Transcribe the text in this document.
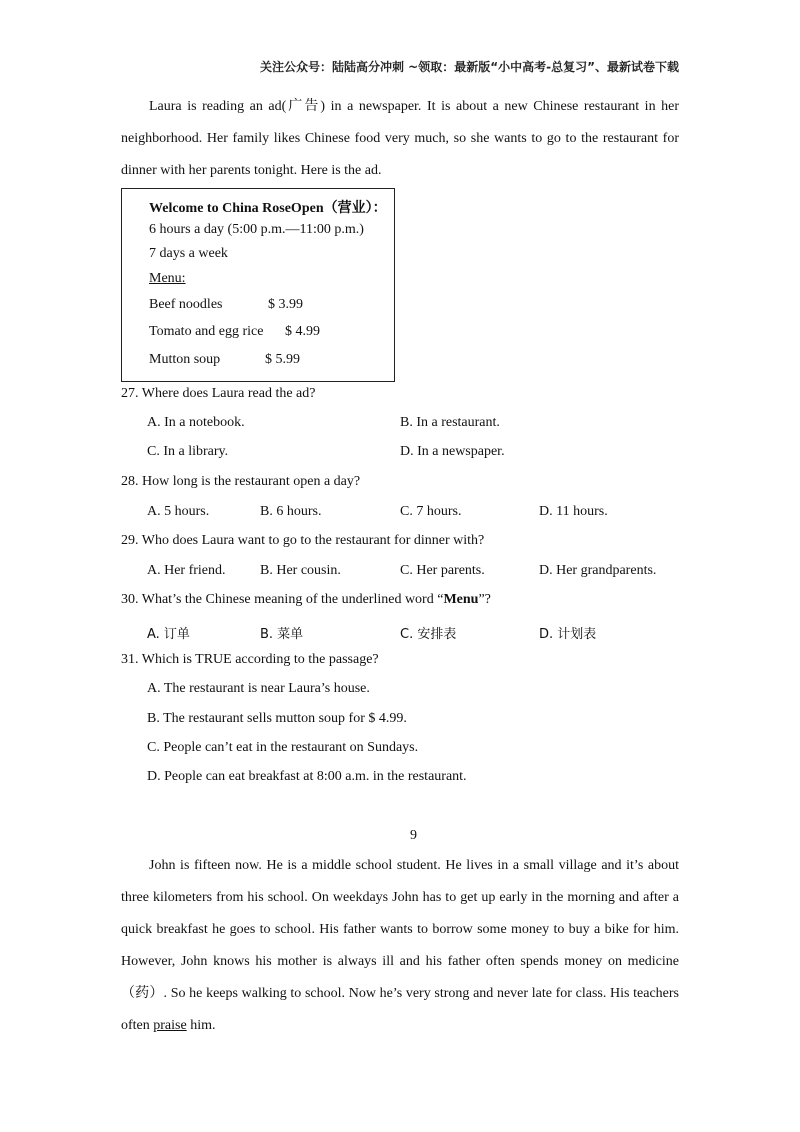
关注公众号：陆陆高分冲刺 ~领取：最新版“小中高考-总复习”、最新试卷下载
Laura is reading an ad(广告) in a newspaper. It is about a new Chinese restaurant in her neighborhood. Her family likes Chinese food very much, so she wants to go to the restaurant for dinner with her parents tonight. Here is the ad.
Welcome to China RoseOpen（营业）：
6 hours a day (5:00 p.m.—11:00 p.m.)
7 days a week
Menu:
Beef noodles	$ 3.99
Tomato and egg rice $ 4.99
Mutton soup	$ 5.99
27. Where does Laura read the ad?
A. In a notebook.	B. In a restaurant.
C. In a library.	D. In a newspaper.
28. How long is the restaurant open a day?
A. 5 hours.	B. 6 hours.	C. 7 hours.	D. 11 hours.
29. Who does Laura want to go to the restaurant for dinner with?
A. Her friend. B. Her cousin.	C. Her parents.	D. Her grandparents.
30. What’s the Chinese meaning of the underlined word “Menu”?
A. 订单	B. 菜单	C. 安排表	D. 计划表
31. Which is TRUE according to the passage?
A. The restaurant is near Laura’s house.
B. The restaurant sells mutton soup for $ 4.99.
C. People can’t eat in the restaurant on Sundays.
D. People can eat breakfast at 8:00 a.m. in the restaurant.
9
John is fifteen now. He is a middle school student. He lives in a small village and it’s about three kilometers from his school. On weekdays John has to get up early in the morning and after a quick breakfast he goes to school. His father wants to borrow some money to buy a bike for him. However, John knows his mother is always ill and his father often spends money on medicine （药）. So he keeps walking to school. Now he’s very strong and never late for class. His teachers often praise him.
